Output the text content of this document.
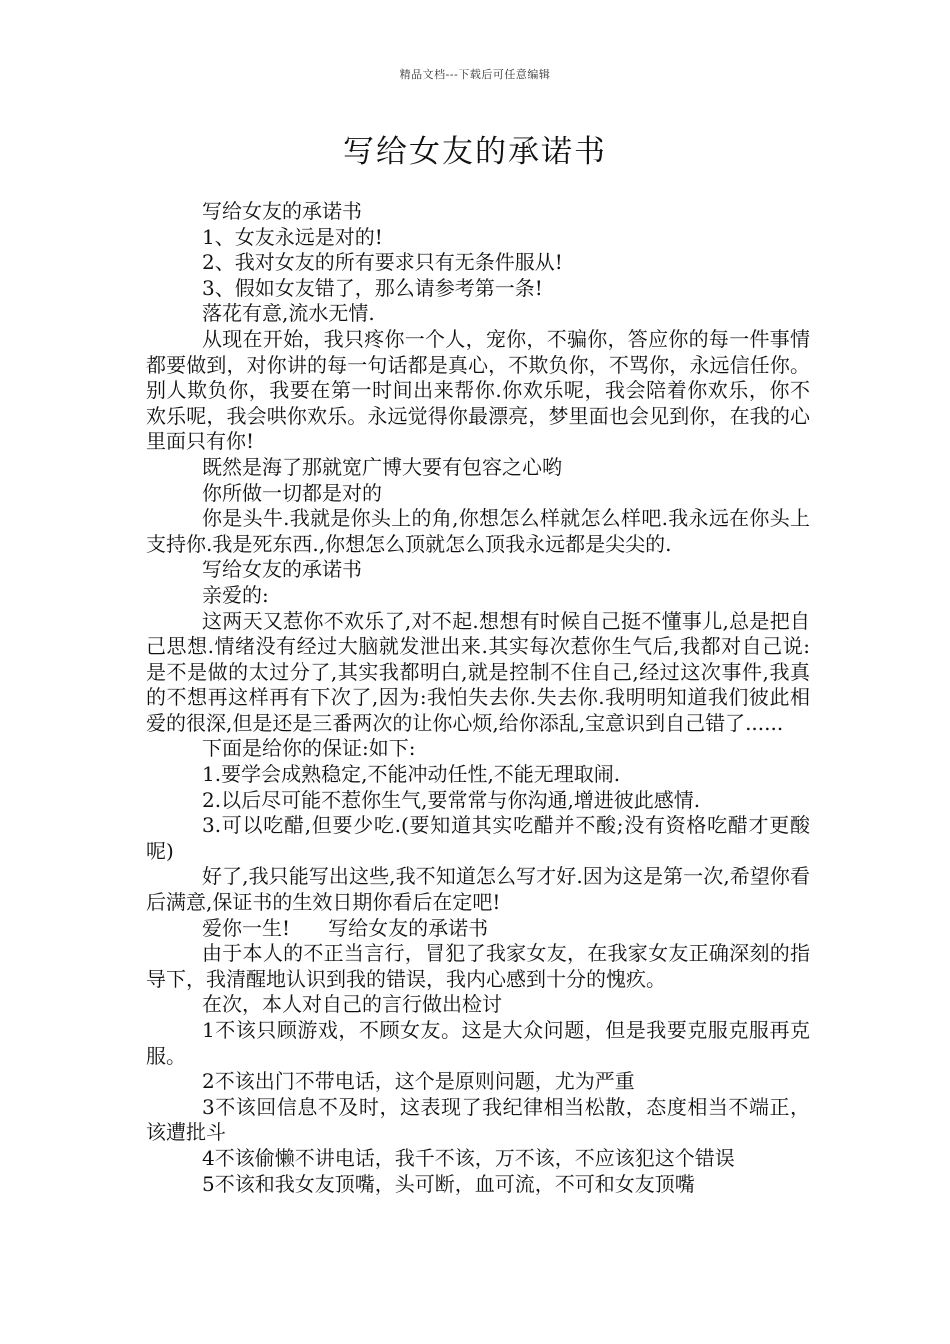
精品文档---下载后可任意编辑
写给女友的承诺书

写给女友的承诺书

1、女友永远是对的!

2、我对女友的所有要求只有无条件服从!

3、假如女友错了，那么请参考第一条!

落花有意,流水无情.

从现在开始，我只疼你一个人，宠你，不骗你，答应你的每一件事情都要做到，对你讲的每一句话都是真心，不欺负你，不骂你，永远信任你。别人欺负你，我要在第一时间出来帮你.你欢乐呢，我会陪着你欢乐，你不欢乐呢，我会哄你欢乐。永远觉得你最漂亮，梦里面也会见到你，在我的心里面只有你!

既然是海了那就宽广博大要有包容之心哟

你所做一切都是对的

你是头牛.我就是你头上的角,你想怎么样就怎么样吧.我永远在你头上支持你.我是死东西.,你想怎么顶就怎么顶我永远都是尖尖的.

写给女友的承诺书

亲爱的:

这两天又惹你不欢乐了,对不起.想想有时候自己挺不懂事儿,总是把自己思想.情绪没有经过大脑就发泄出来.其实每次惹你生气后,我都对自己说:是不是做的太过分了,其实我都明白,就是控制不住自己,经过这次事件,我真的不想再这样再有下次了,因为:我怕失去你.失去你.我明明知道我们彼此相爱的很深,但是还是三番两次的让你心烦,给你添乱,宝意识到自己错了......

下面是给你的保证:如下:

1.要学会成熟稳定,不能冲动任性,不能无理取闹.

2.以后尽可能不惹你生气,要常常与你沟通,增进彼此感情.

3.可以吃醋,但要少吃.(要知道其实吃醋并不酸;没有资格吃醋才更酸呢)

好了,我只能写出这些,我不知道怎么写才好.因为这是第一次,希望你看后满意,保证书的生效日期你看后在定吧!

爱你一生!      写给女友的承诺书

由于本人的不正当言行，冒犯了我家女友，在我家女友正确深刻的指导下，我清醒地认识到我的错误，我内心感到十分的愧疚。

在次，本人对自己的言行做出检讨

1不该只顾游戏，不顾女友。这是大众问题，但是我要克服克服再克服。

2不该出门不带电话，这个是原则问题，尤为严重

3不该回信息不及时，这表现了我纪律相当松散，态度相当不端正，该遭批斗

4不该偷懒不讲电话，我千不该，万不该，不应该犯这个错误

5不该和我女友顶嘴，头可断，血可流，不可和女友顶嘴
